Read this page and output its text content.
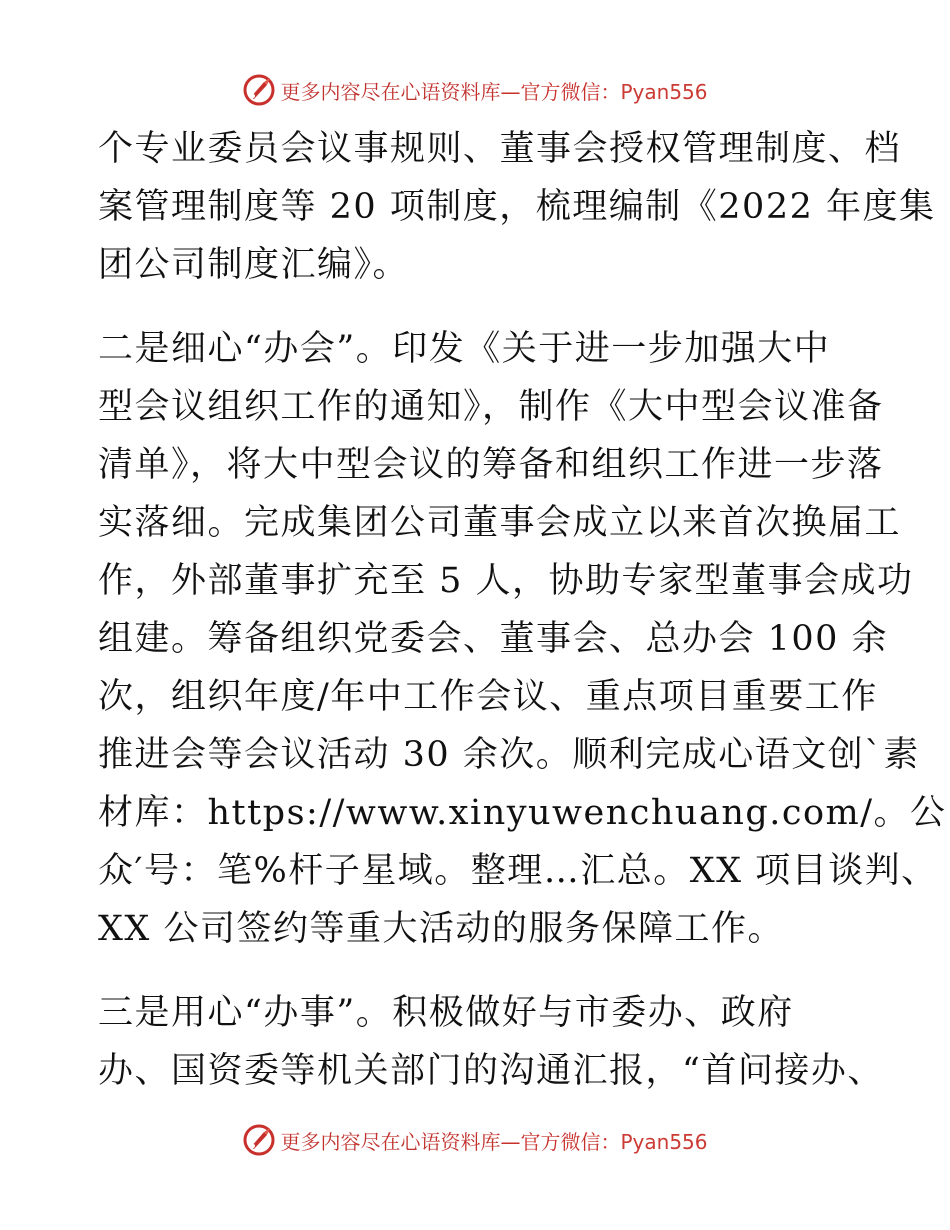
更多内容尽在心语资料库—官方微信：Pyan556
个专业委员会议事规则、董事会授权管理制度、档
案管理制度等 20 项制度，梳理编制《2022 年度集
团公司制度汇编》。
二是细心“办会”。印发《关于进一步加强大中
型会议组织工作的通知》，制作《大中型会议准备
清单》，将大中型会议的筹备和组织工作进一步落
实落细。完成集团公司董事会成立以来首次换届工
作，外部董事扩充至 5 人，协助专家型董事会成功
组建。筹备组织党委会、董事会、总办会 100 余
次，组织年度/年中工作会议、重点项目重要工作
推进会等会议活动 30 余次。顺利完成心语文创`素
材库：https://www.xinyuwenchuang.com/。公
众′号：笔%杆子星域。整理…汇总。XX 项目谈判、
XX 公司签约等重大活动的服务保障工作。
三是用心“办事”。积极做好与市委办、政府
办、国资委等机关部门的沟通汇报，“首问接办、
更多内容尽在心语资料库—官方微信：Pyan556
